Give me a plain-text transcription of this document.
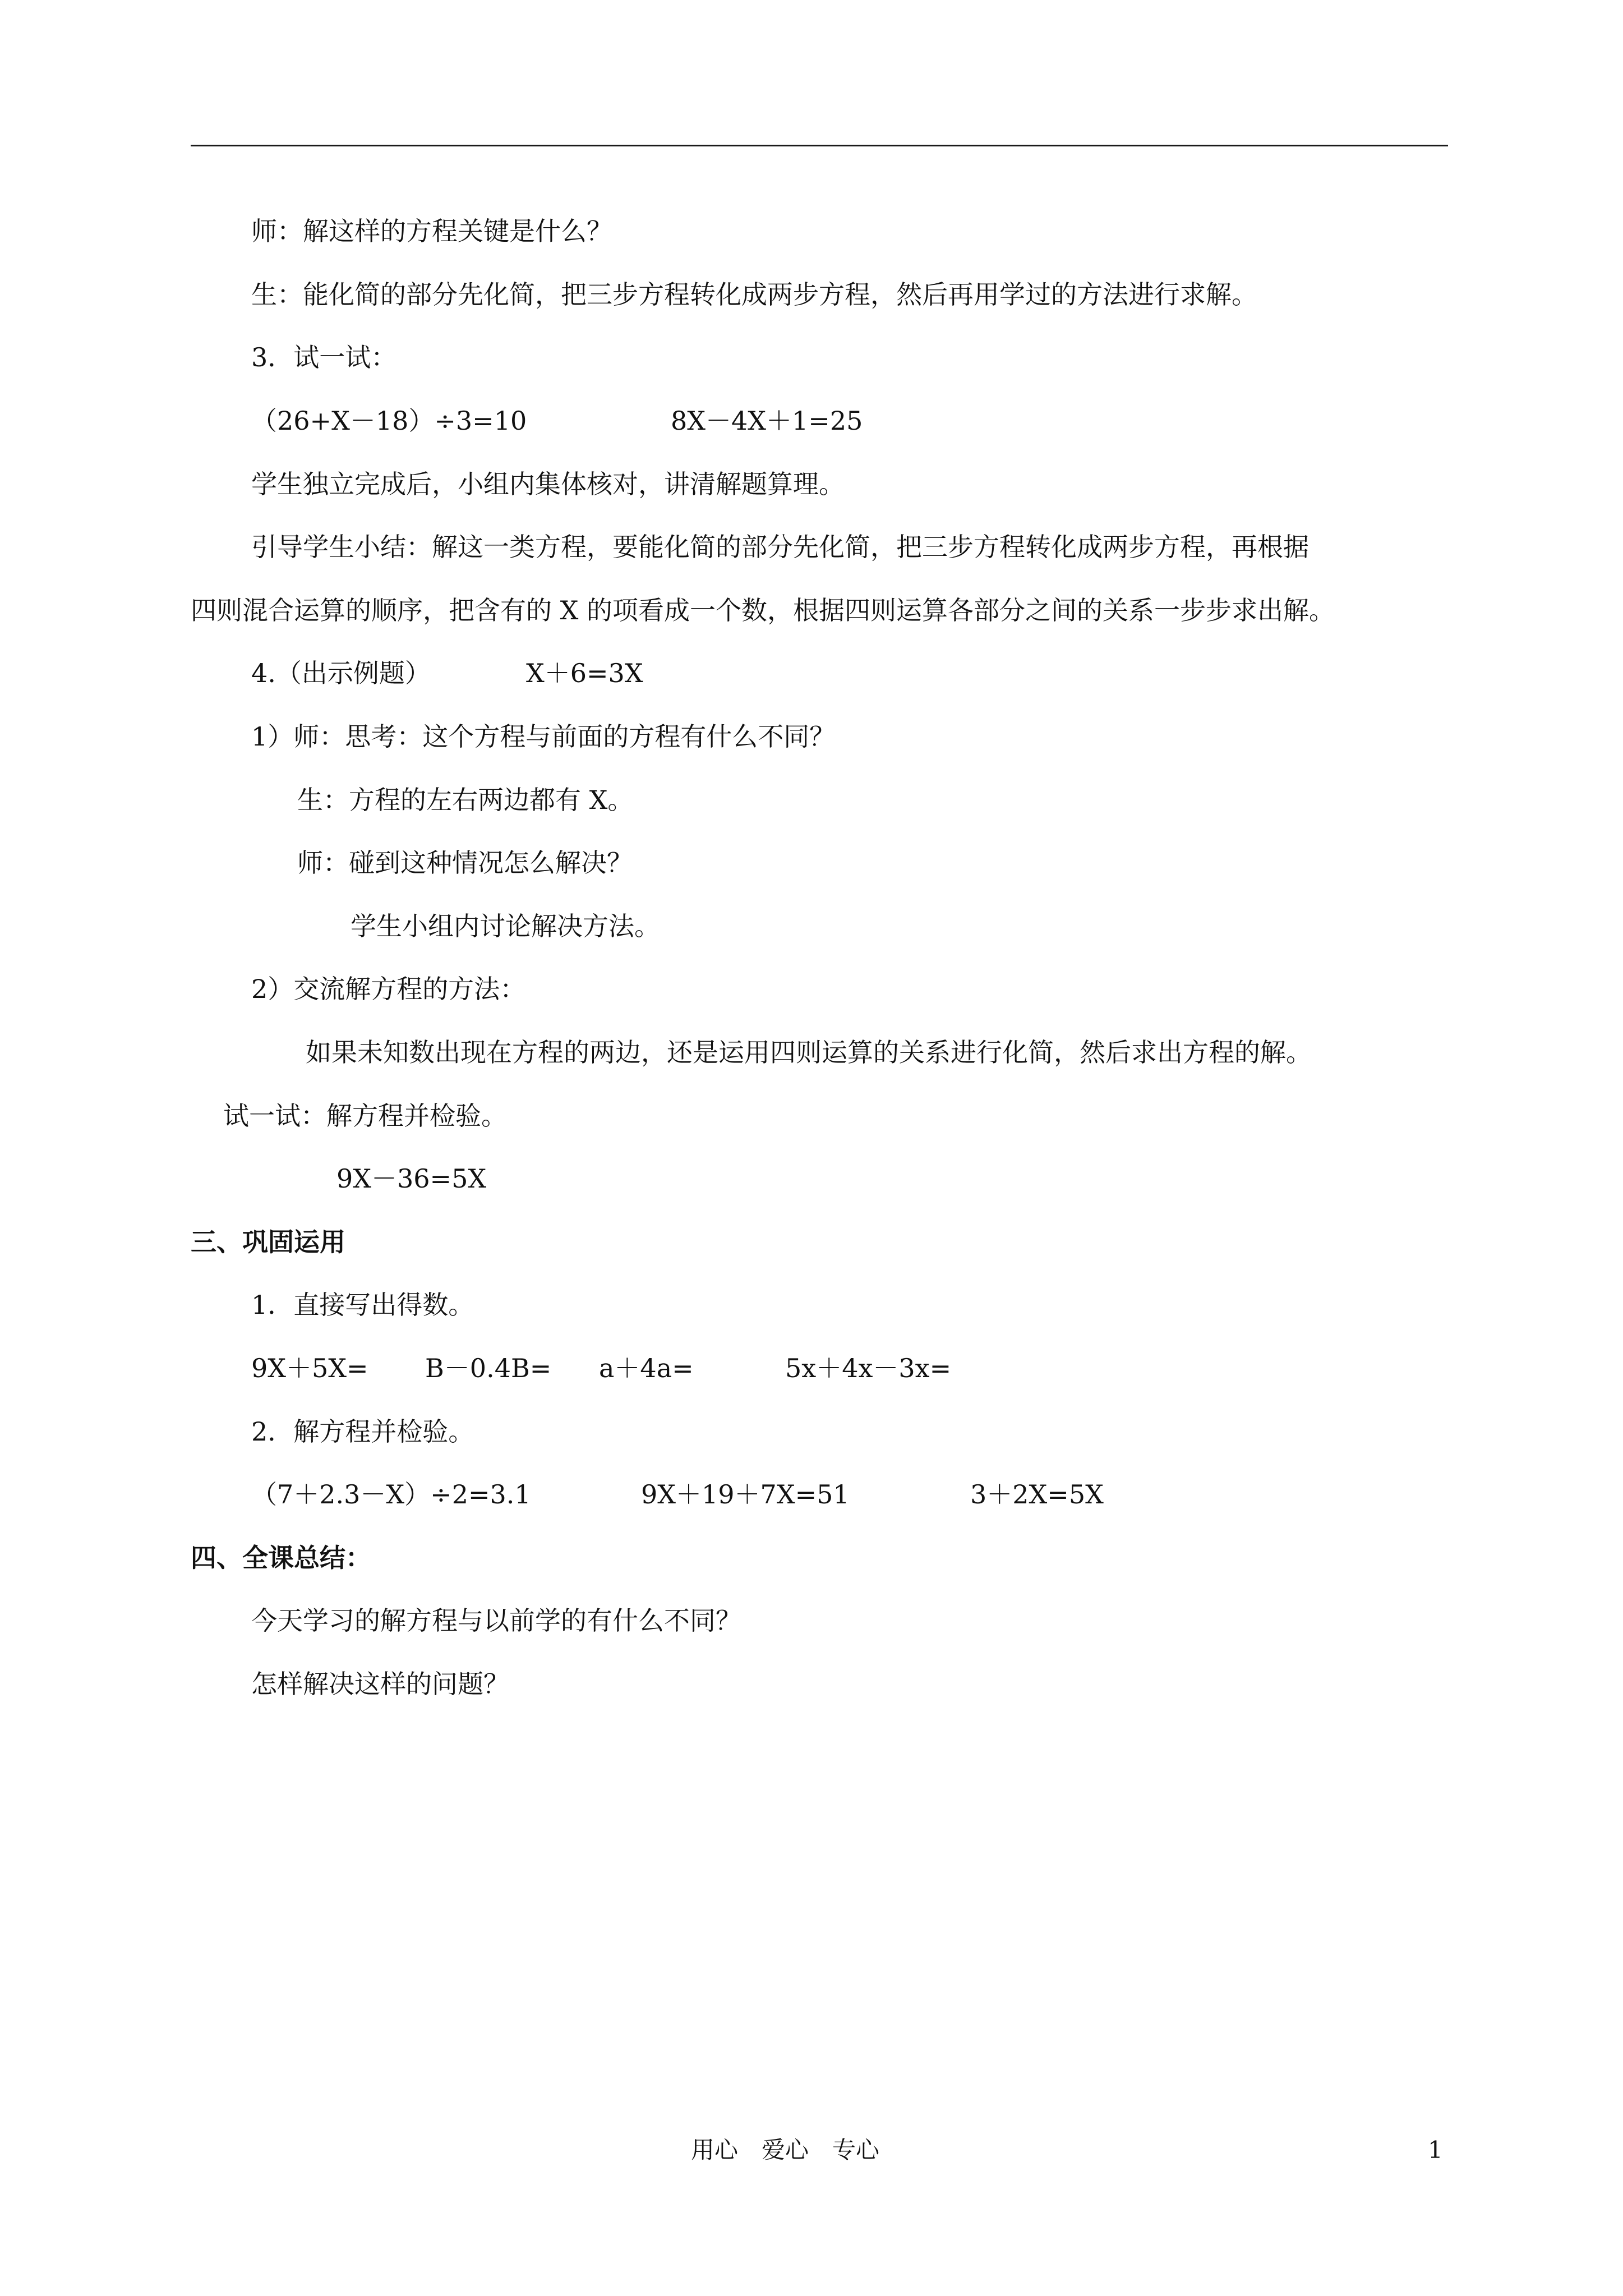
师：解这样的方程关键是什么？
生：能化简的部分先化简，把三步方程转化成两步方程，然后再用学过的方法进行求解。
3．试一试：
（26+X－18）÷3=10	8X－4X＋1=25
学生独立完成后，小组内集体核对，讲清解题算理。
引导学生小结：解这一类方程，要能化简的部分先化简，把三步方程转化成两步方程，再根据
四则混合运算的顺序，把含有的 X 的项看成一个数，根据四则运算各部分之间的关系一步步求出解。
4.（出示例题）	X＋6=3X
1）师：思考：这个方程与前面的方程有什么不同？
生：方程的左右两边都有 X。
师：碰到这种情况怎么解决？
学生小组内讨论解决方法。
2）交流解方程的方法：
如果未知数出现在方程的两边，还是运用四则运算的关系进行化简，然后求出方程的解。
试一试：解方程并检验。
9X－36=5X
三、巩固运用
1．直接写出得数。
9X＋5X= B－0.4B= a＋4a=	5x＋4x－3x=
2．解方程并检验。
（7＋2.3－X）÷2=3.1	9X＋19＋7X=51	3＋2X=5X
四、全课总结：
今天学习的解方程与以前学的有什么不同？
怎样解决这样的问题？
用心　爱心　专心	1
